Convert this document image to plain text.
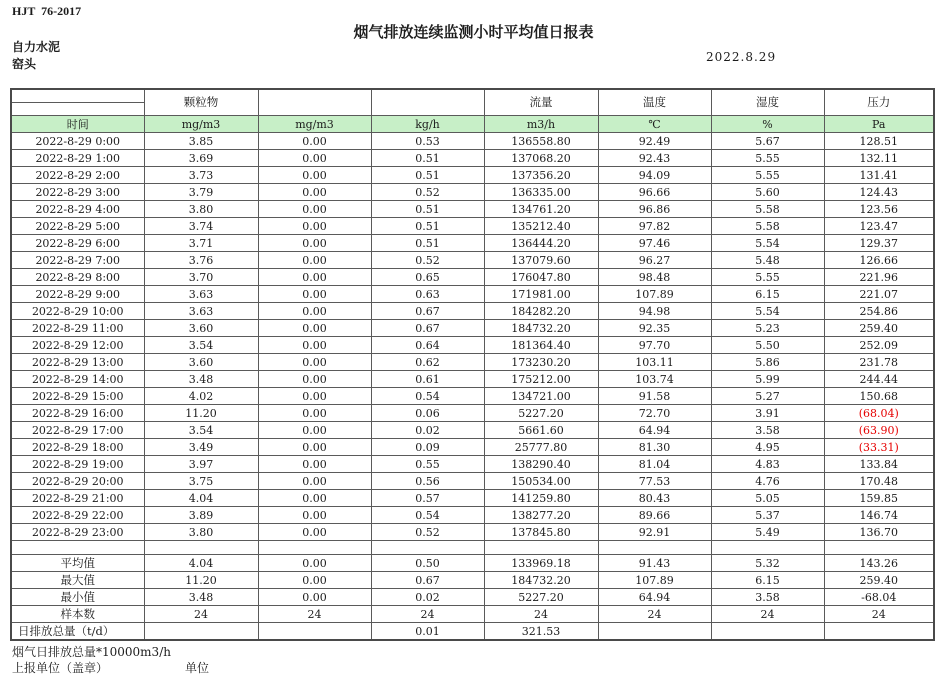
HJT  76-2017
烟气排放连续监测小时平均值日报表
自力水泥
窑头	2022.8.29
	颗粒物			流量	温度	湿度	压力

时间	mg/m3	mg/m3	kg/h	m3/h	℃	%	Pa
2022-8-29 0:00	3.85	0.00	0.53	136558.80	92.49	5.67	128.51
2022-8-29 1:00	3.69	0.00	0.51	137068.20	92.43	5.55	132.11
2022-8-29 2:00	3.73	0.00	0.51	137356.20	94.09	5.55	131.41
2022-8-29 3:00	3.79	0.00	0.52	136335.00	96.66	5.60	124.43
2022-8-29 4:00	3.80	0.00	0.51	134761.20	96.86	5.58	123.56
2022-8-29 5:00	3.74	0.00	0.51	135212.40	97.82	5.58	123.47
2022-8-29 6:00	3.71	0.00	0.51	136444.20	97.46	5.54	129.37
2022-8-29 7:00	3.76	0.00	0.52	137079.60	96.27	5.48	126.66
2022-8-29 8:00	3.70	0.00	0.65	176047.80	98.48	5.55	221.96
2022-8-29 9:00	3.63	0.00	0.63	171981.00	107.89	6.15	221.07
2022-8-29 10:00	3.63	0.00	0.67	184282.20	94.98	5.54	254.86
2022-8-29 11:00	3.60	0.00	0.67	184732.20	92.35	5.23	259.40
2022-8-29 12:00	3.54	0.00	0.64	181364.40	97.70	5.50	252.09
2022-8-29 13:00	3.60	0.00	0.62	173230.20	103.11	5.86	231.78
2022-8-29 14:00	3.48	0.00	0.61	175212.00	103.74	5.99	244.44
2022-8-29 15:00	4.02	0.00	0.54	134721.00	91.58	5.27	150.68
2022-8-29 16:00	11.20	0.00	0.06	5227.20	72.70	3.91	(68.04)
2022-8-29 17:00	3.54	0.00	0.02	5661.60	64.94	3.58	(63.90)
2022-8-29 18:00	3.49	0.00	0.09	25777.80	81.30	4.95	(33.31)
2022-8-29 19:00	3.97	0.00	0.55	138290.40	81.04	4.83	133.84
2022-8-29 20:00	3.75	0.00	0.56	150534.00	77.53	4.76	170.48
2022-8-29 21:00	4.04	0.00	0.57	141259.80	80.43	5.05	159.85
2022-8-29 22:00	3.89	0.00	0.54	138277.20	89.66	5.37	146.74
2022-8-29 23:00	3.80	0.00	0.52	137845.80	92.91	5.49	136.70

平均值	4.04	0.00	0.50	133969.18	91.43	5.32	143.26
最大值	11.20	0.00	0.67	184732.20	107.89	6.15	259.40
最小值	3.48	0.00	0.02	5227.20	64.94	3.58	-68.04
样本数	24	24	24	24	24	24	24
日排放总量（t/d）			0.01	321.53			
烟气日排放总量*10000m3/h
上报单位（盖章）	单位
